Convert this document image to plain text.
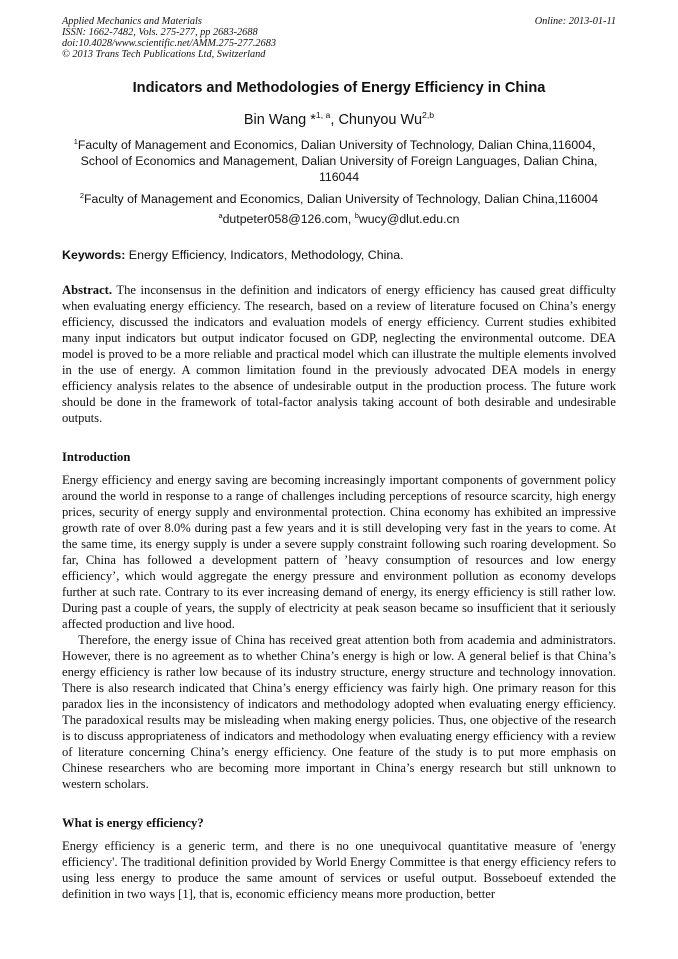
Applied Mechanics and Materials
ISSN: 1662-7482, Vols. 275-277, pp 2683-2688
doi:10.4028/www.scientific.net/AMM.275-277.2683
© 2013 Trans Tech Publications Ltd, Switzerland
Online: 2013-01-11
Indicators and Methodologies of Energy Efficiency in China
Bin Wang *$^{1, a}$, Chunyou Wu$^{2,b}$
$^1$Faculty of Management and Economics, Dalian University of Technology, Dalian China,116004，
School of Economics and Management, Dalian University of Foreign Languages, Dalian China,
116044
$^2$Faculty of Management and Economics, Dalian University of Technology, Dalian China,116004
$^a$dutpeter058@126.com, $^b$wucy@dlut.edu.cn
Keywords: Energy Efficiency, Indicators, Methodology, China.

Abstract. The inconsensus in the definition and indicators of energy efficiency has caused great difficulty when evaluating energy efficiency. The research, based on a review of literature focused on China’s energy efficiency, discussed the indicators and evaluation models of energy efficiency. Current studies exhibited many input indicators but output indicator focused on GDP, neglecting the environmental outcome. DEA model is proved to be a more reliable and practical model which can illustrate the multiple elements involved in the use of energy. A common limitation found in the previously advocated DEA models in energy efficiency analysis relates to the absence of undesirable output in the production process. The future work should be done in the framework of total-factor analysis taking account of both desirable and undesirable outputs.

Introduction

Energy efficiency and energy saving are becoming increasingly important components of government policy around the world in response to a range of challenges including perceptions of resource scarcity, high energy prices, security of energy supply and environmental protection. China economy has exhibited an impressive growth rate of over 8.0% during past a few years and it is still developing very fast in the years to come. At the same time, its energy supply is under a severe supply constraint following such roaring development. So far, China has followed a development pattern of ’heavy consumption of resources and low energy efficiency’, which would aggregate the energy pressure and environment pollution as economy develops further at such rate. Contrary to its ever increasing demand of energy, its energy efficiency is still rather low. During past a couple of years, the supply of electricity at peak season became so insufficient that it seriously affected production and live hood.

Therefore, the energy issue of China has received great attention both from academia and administrators. However, there is no agreement as to whether China’s energy is high or low. A general belief is that China’s energy efficiency is rather low because of its industry structure, energy structure and technology innovation. There is also research indicated that China’s energy efficiency was fairly high. One primary reason for this paradox lies in the inconsistency of indicators and methodology adopted when evaluating energy efficiency. The paradoxical results may be misleading when making energy policies. Thus, one objective of the research is to discuss appropriateness of indicators and methodology when evaluating energy efficiency with a review of literature concerning China’s energy efficiency. One feature of the study is to put more emphasis on Chinese researchers who are becoming more important in China’s energy research but still unknown to western scholars.

What is energy efficiency?

Energy efficiency is a generic term, and there is no one unequivocal quantitative measure of 'energy efficiency'. The traditional definition provided by World Energy Committee is that energy efficiency refers to using less energy to produce the same amount of services or useful output. Bosseboeuf extended the definition in two ways [1], that is, economic efficiency means more production, better
